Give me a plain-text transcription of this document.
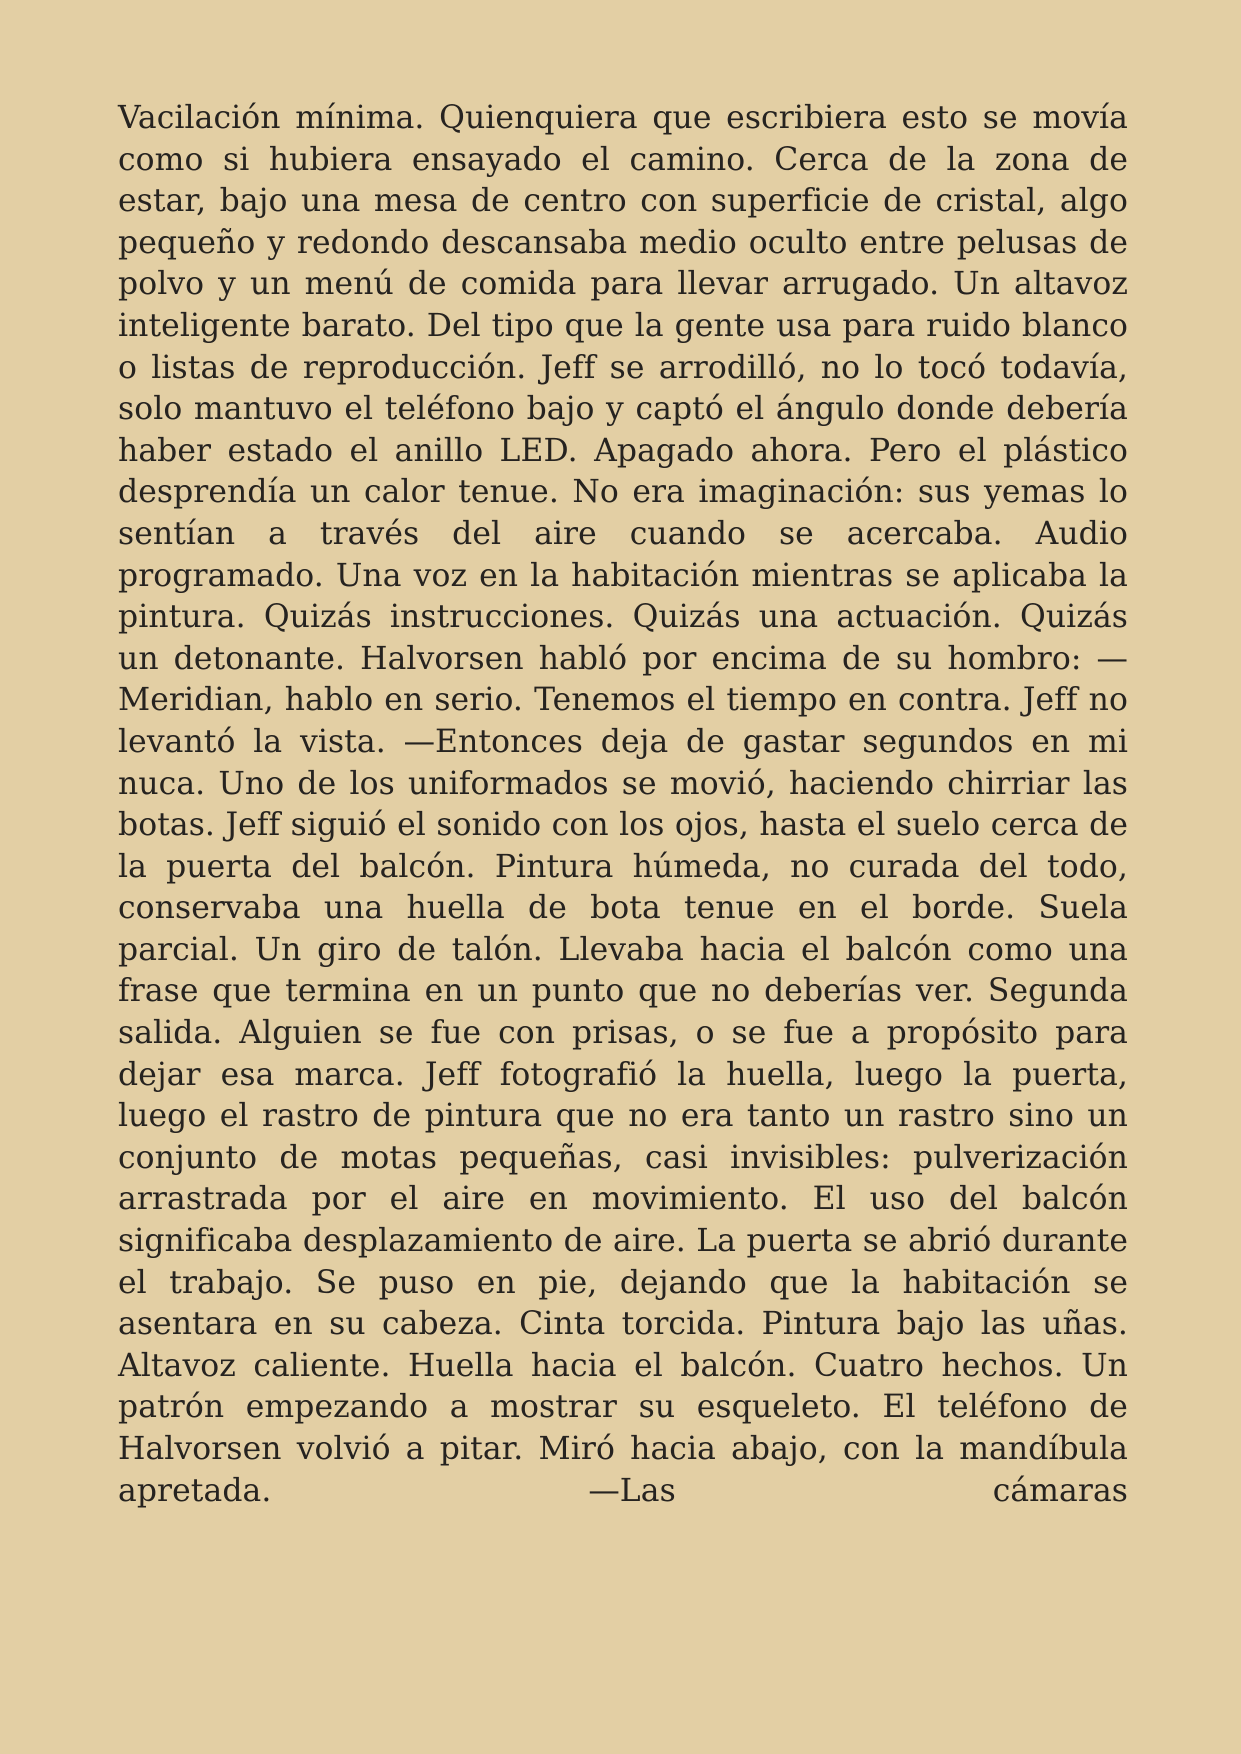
Vacilación mínima. Quienquiera que escribiera esto se movía como si hubiera ensayado el camino. Cerca de la zona de estar, bajo una mesa de centro con superficie de cristal, algo pequeño y redondo descansaba medio oculto entre pelusas de polvo y un menú de comida para llevar arrugado. Un altavoz inteligente barato. Del tipo que la gente usa para ruido blanco o listas de reproducción. Jeff se arrodilló, no lo tocó todavía, solo mantuvo el teléfono bajo y captó el ángulo donde debería haber estado el anillo LED. Apagado ahora. Pero el plástico desprendía un calor tenue. No era imaginación: sus yemas lo sentían a través del aire cuando se acercaba. Audio programado. Una voz en la habitación mientras se aplicaba la pintura. Quizás instrucciones. Quizás una actuación. Quizás un detonante. Halvorsen habló por encima de su hombro: —Meridian, hablo en serio. Tenemos el tiempo en contra. Jeff no levantó la vista. —Entonces deja de gastar segundos en mi nuca. Uno de los uniformados se movió, haciendo chirriar las botas. Jeff siguió el sonido con los ojos, hasta el suelo cerca de la puerta del balcón. Pintura húmeda, no curada del todo, conservaba una huella de bota tenue en el borde. Suela parcial. Un giro de talón. Llevaba hacia el balcón como una frase que termina en un punto que no deberías ver. Segunda salida. Alguien se fue con prisas, o se fue a propósito para dejar esa marca. Jeff fotografió la huella, luego la puerta, luego el rastro de pintura que no era tanto un rastro sino un conjunto de motas pequeñas, casi invisibles: pulverización arrastrada por el aire en movimiento. El uso del balcón significaba desplazamiento de aire. La puerta se abrió durante el trabajo. Se puso en pie, dejando que la habitación se asentara en su cabeza. Cinta torcida. Pintura bajo las uñas. Altavoz caliente. Huella hacia el balcón. Cuatro hechos. Un patrón empezando a mostrar su esqueleto. El teléfono de Halvorsen volvió a pitar. Miró hacia abajo, con la mandíbula apretada. —Las cámaras
